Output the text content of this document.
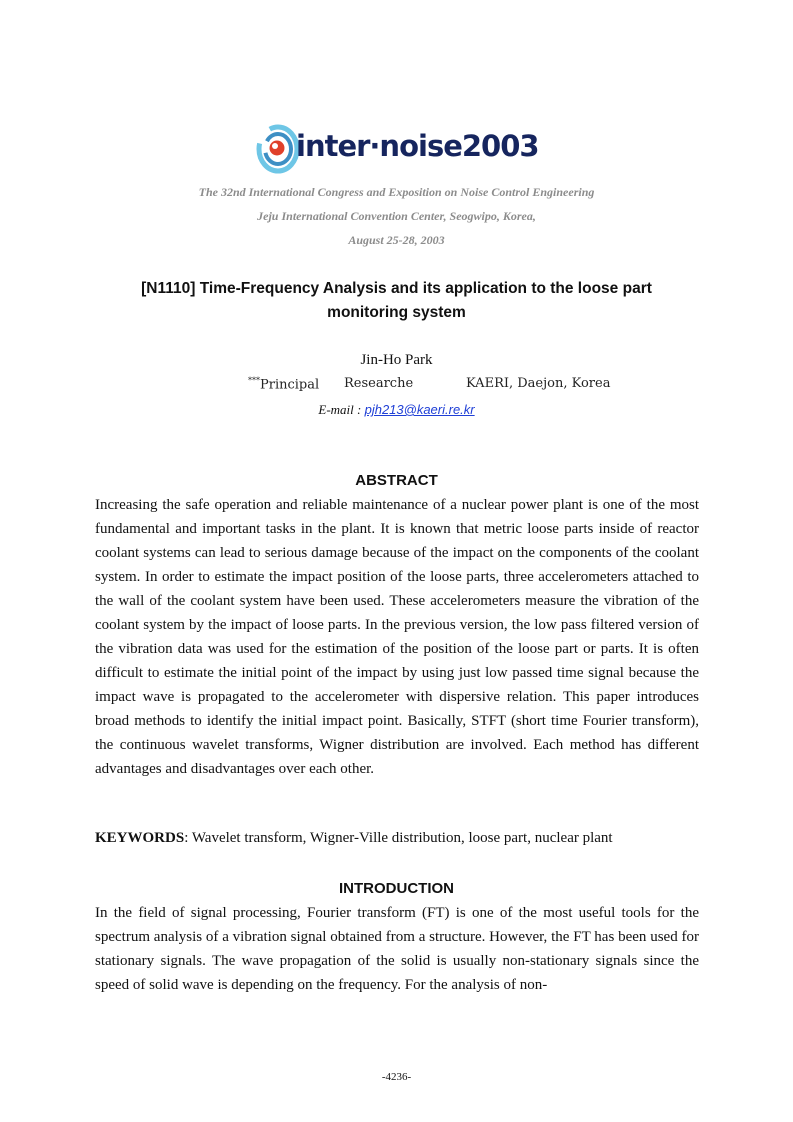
inter·noise2003
The 32nd International Congress and Exposition on Noise Control Engineering
Jeju International Convention Center, Seogwipo, Korea,
August 25-28, 2003
[N1110] Time-Frequency Analysis and its application to the loose part
monitoring system
Jin-Ho Park
***Principal Researche	KAERI, Daejon, Korea
E-mail : pjh213@kaeri.re.kr
ABSTRACT

Increasing the safe operation and reliable maintenance of a nuclear power plant is one of the most fundamental and important tasks in the plant. It is known that metric loose parts inside of reactor coolant systems can lead to serious damage because of the impact on the components of the coolant system. In order to estimate the impact position of the loose parts, three accelerometers attached to the wall of the coolant system have been used. These accelerometers measure the vibration of the coolant system by the impact of loose parts. In the previous version, the low pass filtered version of the vibration data was used for the estimation of the position of the loose part or parts. It is often difficult to estimate the initial point of the impact by using just low passed time signal because the impact wave is propagated to the accelerometer with dispersive relation. This paper introduces broad methods to identify the initial impact point. Basically, STFT (short time Fourier transform), the continuous wavelet transforms, Wigner distribution are involved. Each method has different advantages and disadvantages over each other.

KEYWORDS: Wavelet transform, Wigner-Ville distribution, loose part, nuclear plant
INTRODUCTION

In the field of signal processing, Fourier transform (FT) is one of the most useful tools for the spectrum analysis of a vibration signal obtained from a structure. However, the FT has been used for stationary signals. The wave propagation of the solid is usually non-stationary signals since the speed of solid wave is depending on the frequency. For the analysis of non-

-4236-
